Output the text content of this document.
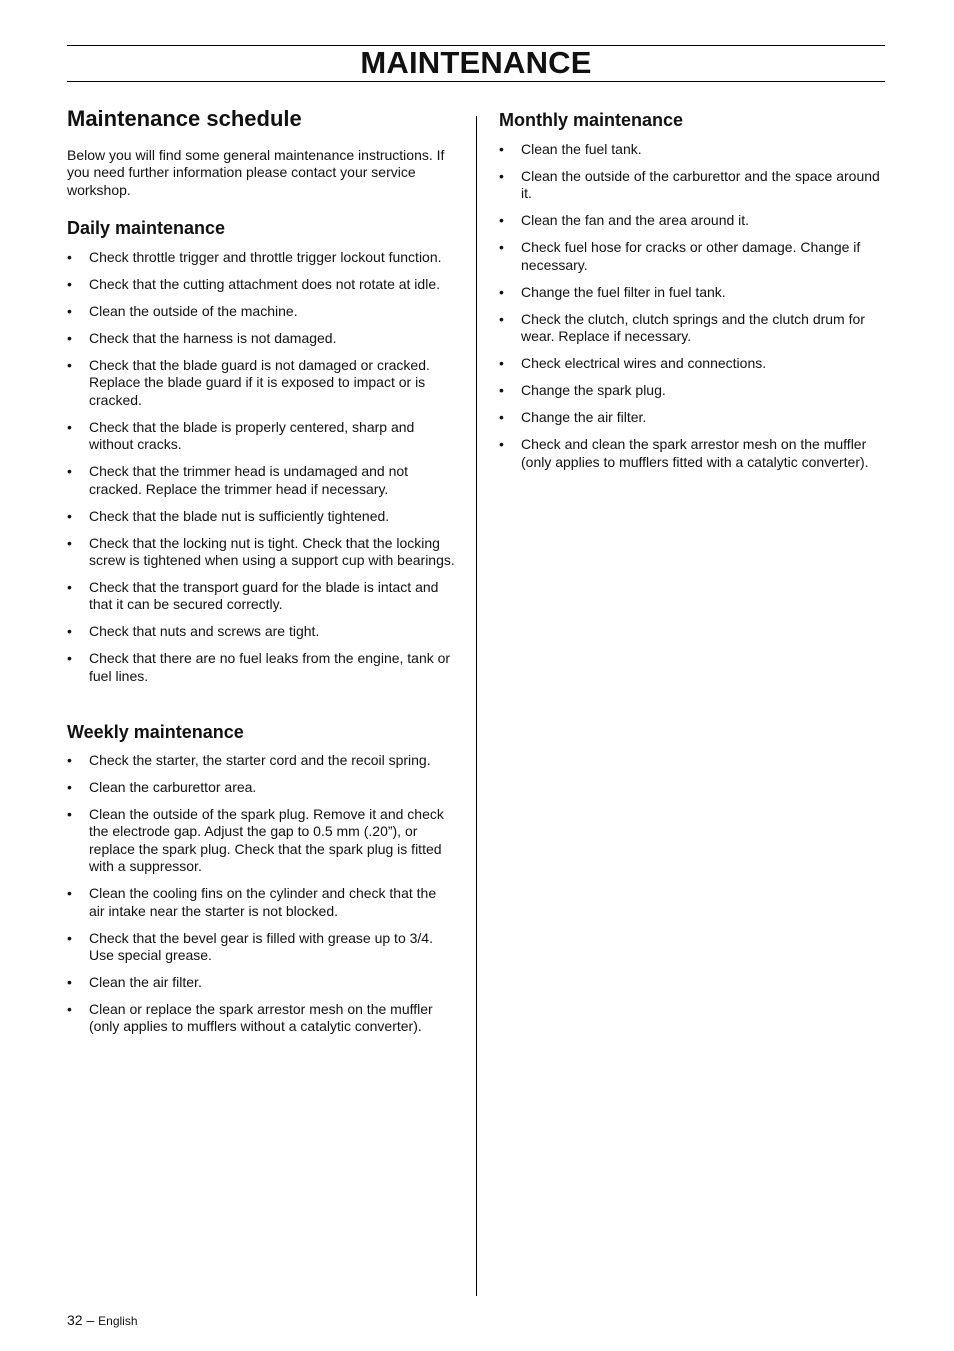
MAINTENANCE
Maintenance schedule

Below you will find some general maintenance instructions. If you need further information please contact your service workshop.

Daily maintenance
• Check throttle trigger and throttle trigger lockout function.
• Check that the cutting attachment does not rotate at idle.
• Clean the outside of the machine.
• Check that the harness is not damaged.
• Check that the blade guard is not damaged or cracked. Replace the blade guard if it is exposed to impact or is cracked.
• Check that the blade is properly centered, sharp and without cracks.
• Check that the trimmer head is undamaged and not cracked. Replace the trimmer head if necessary.
• Check that the blade nut is sufficiently tightened.
• Check that the locking nut is tight. Check that the locking screw is tightened when using a support cup with bearings.
• Check that the transport guard for the blade is intact and that it can be secured correctly.
• Check that nuts and screws are tight.
• Check that there are no fuel leaks from the engine, tank or fuel lines.
Weekly maintenance
• Check the starter, the starter cord and the recoil spring.
• Clean the carburettor area.
• Clean the outside of the spark plug. Remove it and check the electrode gap. Adjust the gap to 0.5 mm (.20”), or replace the spark plug. Check that the spark plug is fitted with a suppressor.
• Clean the cooling fins on the cylinder and check that the air intake near the starter is not blocked.
• Check that the bevel gear is filled with grease up to 3/4. Use special grease.
• Clean the air filter.
• Clean or replace the spark arrestor mesh on the muffler (only applies to mufflers without a catalytic converter).
Monthly maintenance
• Clean the fuel tank.
• Clean the outside of the carburettor and the space around it.
• Clean the fan and the area around it.
• Check fuel hose for cracks or other damage. Change if necessary.
• Change the fuel filter in fuel tank.
• Check the clutch, clutch springs and the clutch drum for wear. Replace if necessary.
• Check electrical wires and connections.
• Change the spark plug.
• Change the air filter.
• Check and clean the spark arrestor mesh on the muffler (only applies to mufflers fitted with a catalytic converter).
32 – English
